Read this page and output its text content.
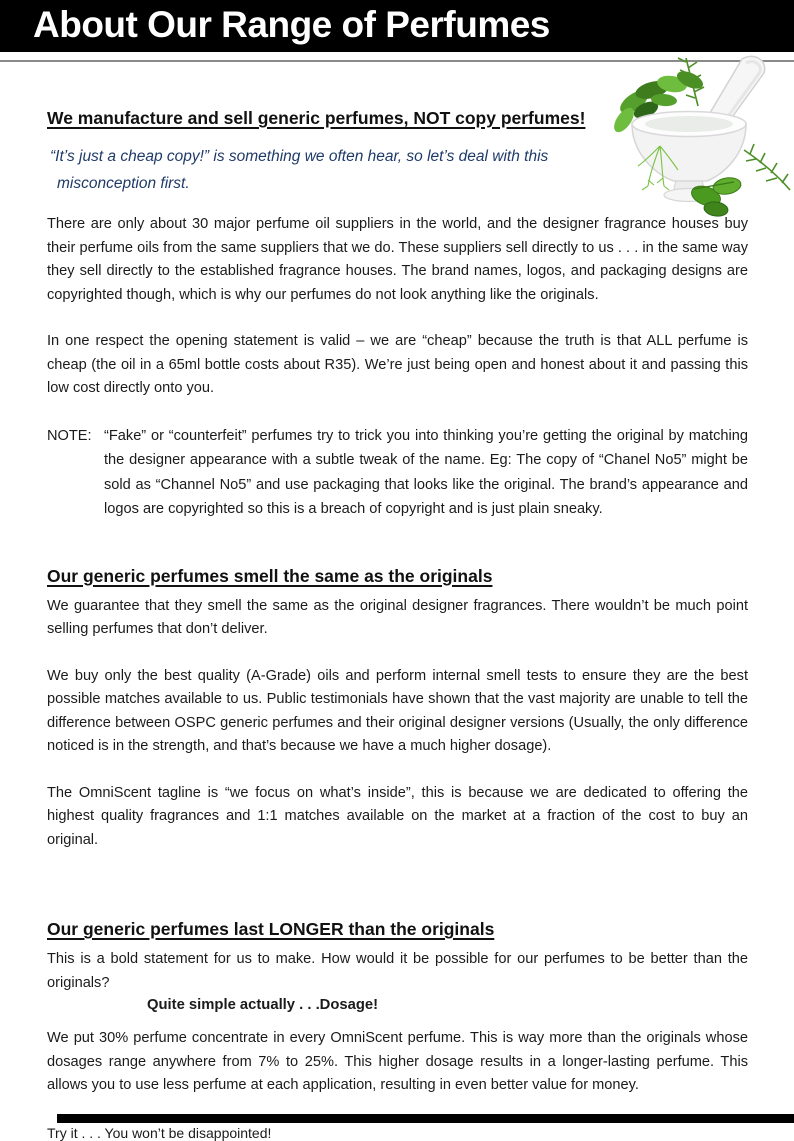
About Our Range of Perfumes
We manufacture and sell generic perfumes, NOT copy perfumes!
“It’s just a cheap copy!” is something we often hear, so let’s deal with this
misconception first.

There are only about 30 major perfume oil suppliers in the world, and the designer fragrance houses buy their perfume oils from the same suppliers that we do. These suppliers sell directly to us . . . in the same way they sell directly to the established fragrance houses. The brand names, logos, and packaging designs are copyrighted though, which is why our perfumes do not look anything like the originals.

In one respect the opening statement is valid – we are “cheap” because the truth is that ALL perfume is cheap (the oil in a 65ml bottle costs about R35). We’re just being open and honest about it and passing this low cost directly onto you.

NOTE: “Fake” or “counterfeit” perfumes try to trick you into thinking you’re getting the original by matching the designer appearance with a subtle tweak of the name. Eg: The copy of “Chanel No5” might be sold as “Channel No5” and use packaging that looks like the original. The brand’s appearance and logos are copyrighted so this is a breach of copyright and is just plain sneaky.

Our generic perfumes smell the same as the originals

We guarantee that they smell the same as the original designer fragrances. There wouldn’t be much point selling perfumes that don’t deliver.

We buy only the best quality (A-Grade) oils and perform internal smell tests to ensure they are the best possible matches available to us. Public testimonials have shown that the vast majority are unable to tell the difference between OSPC generic perfumes and their original designer versions (Usually, the only difference noticed is in the strength, and that’s because we have a much higher dosage).

The OmniScent tagline is “we focus on what’s inside”, this is because we are dedicated to offering the highest quality fragrances and 1:1 matches available on the market at a fraction of the cost to buy an original.

Our generic perfumes last LONGER than the originals

This is a bold statement for us to make. How would it be possible for our perfumes to be better than the originals?

Quite simple actually . . .Dosage!

We put 30% perfume concentrate in every OmniScent perfume. This is way more than the originals whose dosages range anywhere from 7% to 25%. This higher dosage results in a longer-lasting perfume. This allows you to use less perfume at each application, resulting in even better value for money.

Try it . . . You won’t be disappointed!
